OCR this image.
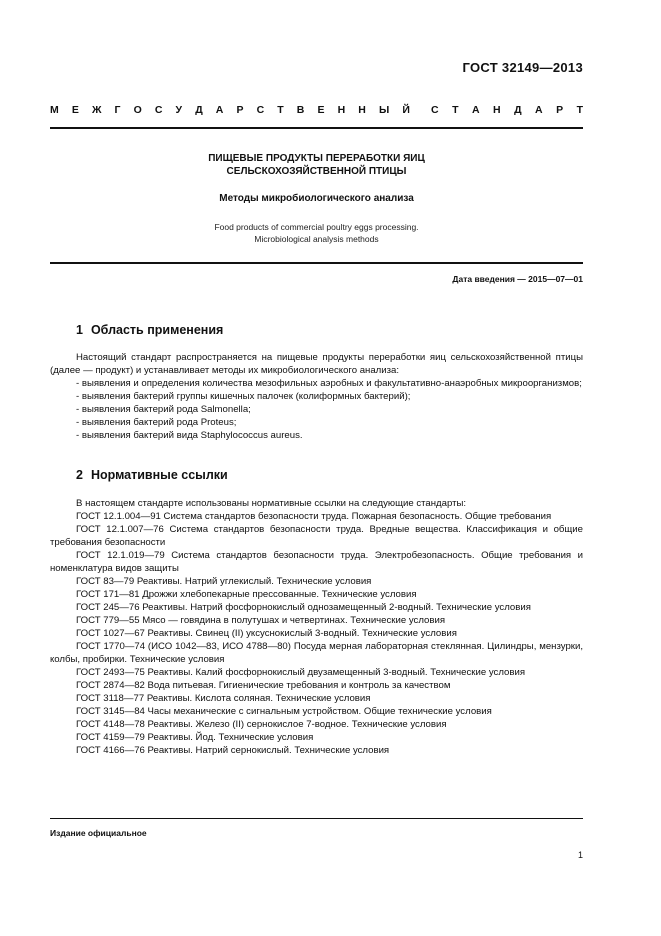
ГОСТ 32149—2013
М Е Ж Г О С У Д А Р С Т В Е Н Н Ы Й С Т А Н Д А Р Т
ПИЩЕВЫЕ ПРОДУКТЫ ПЕРЕРАБОТКИ ЯИЦ
СЕЛЬСКОХОЗЯЙСТВЕННОЙ ПТИЦЫ
Методы микробиологического анализа
Food products of commercial poultry eggs processing.
Microbiological analysis methods
Дата введения — 2015—07—01
1 Область применения

Настоящий стандарт распространяется на пищевые продукты переработки яиц сельскохозяйственной птицы (далее — продукт) и устанавливает методы их микробиологического анализа:

- выявления и определения количества мезофильных аэробных и факультативно-анаэробных микроорганизмов;

- выявления бактерий группы кишечных палочек (колиформных бактерий);

- выявления бактерий рода Salmonella;

- выявления бактерий рода Proteus;

- выявления бактерий вида Staphylococcus aureus.

2 Нормативные ссылки

В настоящем стандарте использованы нормативные ссылки на следующие стандарты:

ГОСТ 12.1.004—91 Система стандартов безопасности труда. Пожарная безопасность. Общие требования

ГОСТ 12.1.007—76 Система стандартов безопасности труда. Вредные вещества. Классификация и общие требования безопасности

ГОСТ 12.1.019—79 Система стандартов безопасности труда. Электробезопасность. Общие требования и номенклатура видов защиты

ГОСТ 83—79 Реактивы. Натрий углекислый. Технические условия

ГОСТ 171—81 Дрожжи хлебопекарные прессованные. Технические условия

ГОСТ 245—76 Реактивы. Натрий фосфорнокислый однозамещенный 2-водный. Технические условия

ГОСТ 779—55 Мясо — говядина в полутушах и четвертинах. Технические условия

ГОСТ 1027—67 Реактивы. Свинец (II) уксуснокислый 3-водный. Технические условия

ГОСТ 1770—74 (ИСО 1042—83, ИСО 4788—80) Посуда мерная лабораторная стеклянная. Цилиндры, мензурки, колбы, пробирки. Технические условия

ГОСТ 2493—75 Реактивы. Калий фосфорнокислый двузамещенный 3-водный. Технические условия

ГОСТ 2874—82 Вода питьевая. Гигиенические требования и контроль за качеством

ГОСТ 3118—77 Реактивы. Кислота соляная. Технические условия

ГОСТ 3145—84 Часы механические с сигнальным устройством. Общие технические условия

ГОСТ 4148—78 Реактивы. Железо (II) сернокислое 7-водное. Технические условия

ГОСТ 4159—79 Реактивы. Йод. Технические условия

ГОСТ 4166—76 Реактивы. Натрий сернокислый. Технические условия

Издание официальное
1
